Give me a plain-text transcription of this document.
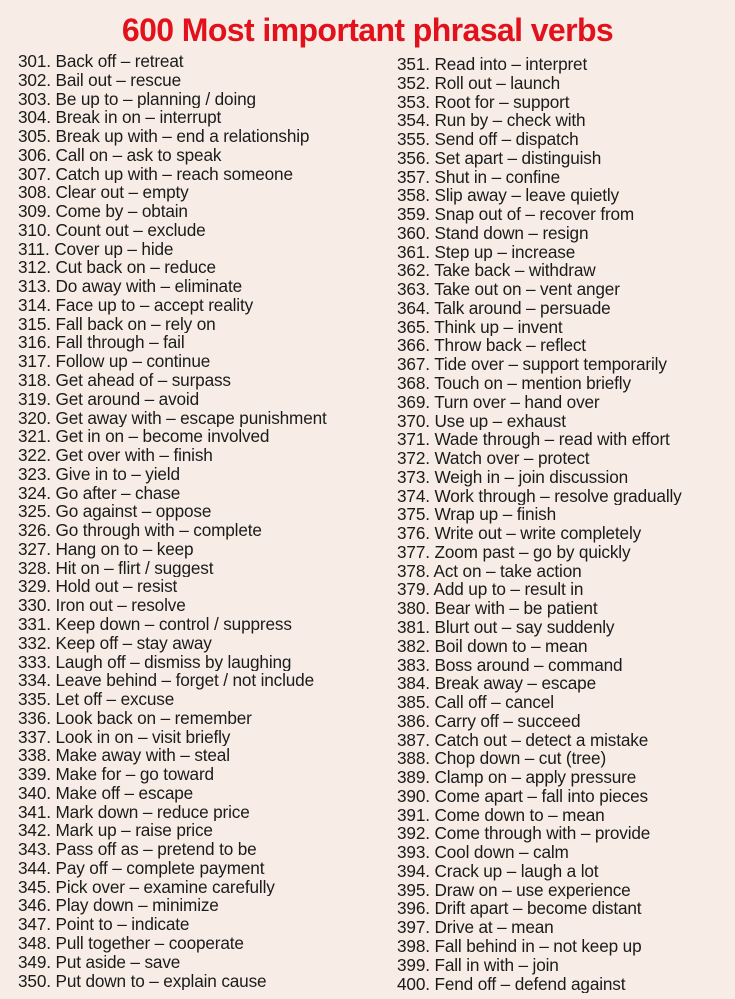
600 Most important phrasal verbs
301. Back off – retreat
302. Bail out – rescue
303. Be up to – planning / doing
304. Break in on – interrupt
305. Break up with – end a relationship
306. Call on – ask to speak
307. Catch up with – reach someone
308. Clear out – empty
309. Come by – obtain
310. Count out – exclude
311. Cover up – hide
312. Cut back on – reduce
313. Do away with – eliminate
314. Face up to – accept reality
315. Fall back on – rely on
316. Fall through – fail
317. Follow up – continue
318. Get ahead of – surpass
319. Get around – avoid
320. Get away with – escape punishment
321. Get in on – become involved
322. Get over with – finish
323. Give in to – yield
324. Go after – chase
325. Go against – oppose
326. Go through with – complete
327. Hang on to – keep
328. Hit on – flirt / suggest
329. Hold out – resist
330. Iron out – resolve
331. Keep down – control / suppress
332. Keep off – stay away
333. Laugh off – dismiss by laughing
334. Leave behind – forget / not include
335. Let off – excuse
336. Look back on – remember
337. Look in on – visit briefly
338. Make away with – steal
339. Make for – go toward
340. Make off – escape
341. Mark down – reduce price
342. Mark up – raise price
343. Pass off as – pretend to be
344. Pay off – complete payment
345. Pick over – examine carefully
346. Play down – minimize
347. Point to – indicate
348. Pull together – cooperate
349. Put aside – save
350. Put down to – explain cause
351. Read into – interpret
352. Roll out – launch
353. Root for – support
354. Run by – check with
355. Send off – dispatch
356. Set apart – distinguish
357. Shut in – confine
358. Slip away – leave quietly
359. Snap out of – recover from
360. Stand down – resign
361. Step up – increase
362. Take back – withdraw
363. Take out on – vent anger
364. Talk around – persuade
365. Think up – invent
366. Throw back – reflect
367. Tide over – support temporarily
368. Touch on – mention briefly
369. Turn over – hand over
370. Use up – exhaust
371. Wade through – read with effort
372. Watch over – protect
373. Weigh in – join discussion
374. Work through – resolve gradually
375. Wrap up – finish
376. Write out – write completely
377. Zoom past – go by quickly
378. Act on – take action
379. Add up to – result in
380. Bear with – be patient
381. Blurt out – say suddenly
382. Boil down to – mean
383. Boss around – command
384. Break away – escape
385. Call off – cancel
386. Carry off – succeed
387. Catch out – detect a mistake
388. Chop down – cut (tree)
389. Clamp on – apply pressure
390. Come apart – fall into pieces
391. Come down to – mean
392. Come through with – provide
393. Cool down – calm
394. Crack up – laugh a lot
395. Draw on – use experience
396. Drift apart – become distant
397. Drive at – mean
398. Fall behind in – not keep up
399. Fall in with – join
400. Fend off – defend against
